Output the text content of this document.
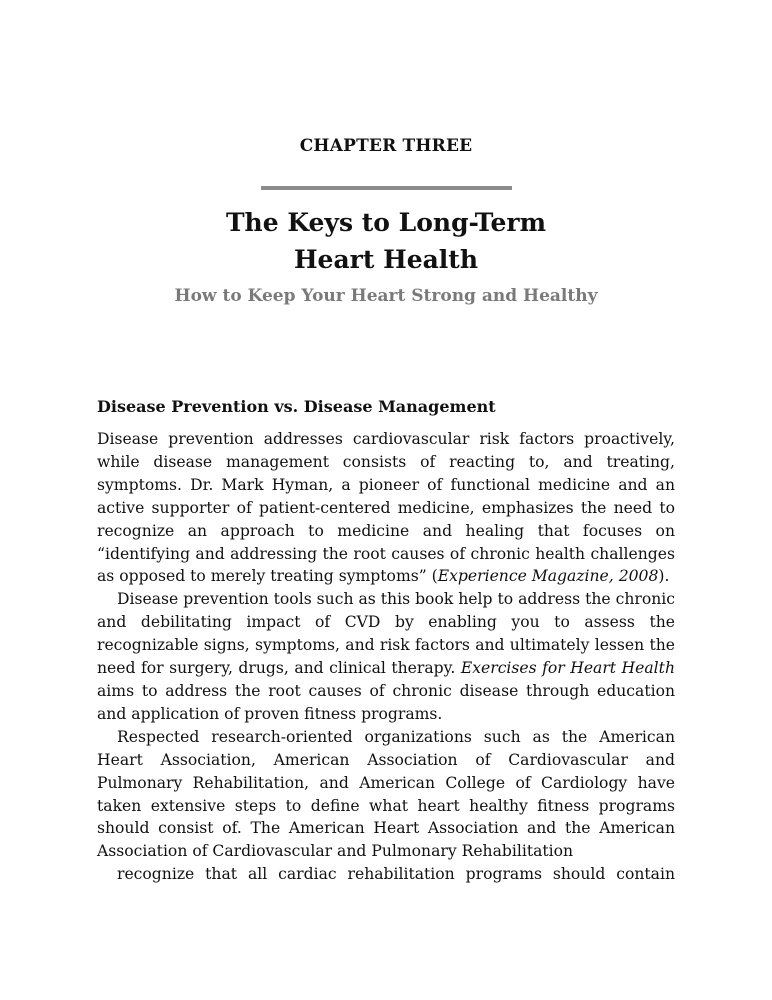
CHAPTER THREE
The Keys to Long-Term
Heart Health
How to Keep Your Heart Strong and Healthy
Disease Prevention vs. Disease Management

Disease prevention addresses cardiovascular risk factors proactively, while disease management consists of reacting to, and treating, symptoms. Dr. Mark Hyman, a pioneer of functional medicine and an active supporter of patient-centered medicine, emphasizes the need to recognize an approach to medicine and healing that focuses on “identifying and addressing the root causes of chronic health challenges as opposed to merely treating symptoms” (Experience Magazine, 2008).

Disease prevention tools such as this book help to address the chronic and debilitating impact of CVD by enabling you to assess the recognizable signs, symptoms, and risk factors and ultimately lessen the need for surgery, drugs, and clinical therapy. Exercises for Heart Health aims to address the root causes of chronic disease through education and application of proven fitness programs.

Respected research-oriented organizations such as the American Heart Association, American Association of Cardiovascular and Pulmonary Rehabilitation, and American College of Cardiology have taken extensive steps to define what heart healthy fitness programs should consist of. The American Heart Association and the American Association of Cardiovascular and Pulmonary Rehabilitation
recognize that all cardiac rehabilitation programs should contain
